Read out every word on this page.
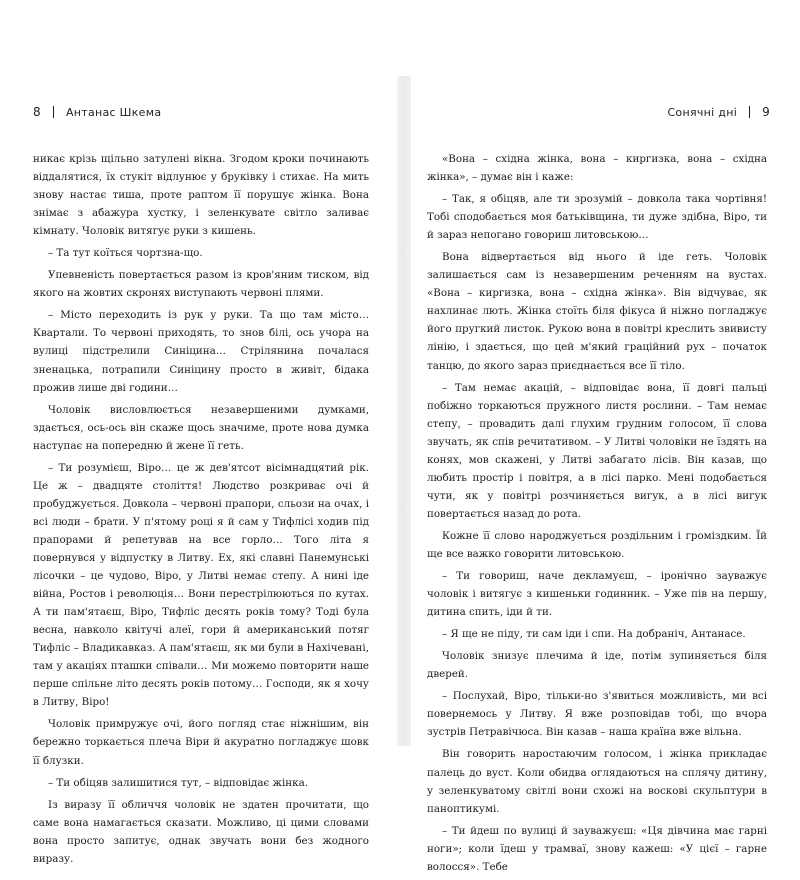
8 Антанас Шкема	Сонячні дні 9

никає крізь щільно затулені вікна. Згодом кроки починають віддалятися, їх стукіт відлунює у бруківку і стихає. На мить знову настає тиша, проте раптом її порушує жінка. Вона знімає з абажура хустку, і зеленкувате світло заливає кімнату. Чоловік витягує руки з кишень.

– Та тут коїться чортзна-що.

Упевненість повертається разом із кров'яним тиском, від якого на жовтих скронях виступають червоні плями.

– Місто переходить із рук у руки. Та що там місто… Квартали. То червоні приходять, то знов білі, ось учора на вулиці підстрелили Синіцина… Стрілянина почалася зненацька, потрапили Синіцину просто в живіт, бідака прожив лише дві години…

Чоловік висловлюється незавершеними думками, здається, ось-ось він скаже щось значиме, проте нова думка наступає на попередню й жене її геть.

– Ти розумієш, Віро… це ж дев'ятсот вісімнадцятий рік. Це ж – двадцяте століття! Людство розкриває очі й пробуджується. Довкола – червоні прапори, сльози на очах, і всі люди – брати. У п'ятому році я й сам у Тифлісі ходив під прапорами й репетував на все горло… Того літа я повернувся у відпустку в Литву. Ех, які славні Панемунські лісочки – це чудово, Віро, у Литві немає степу. А нині іде війна, Ростов і революція… Вони перестрілюються по кутах. А ти пам'ятаєш, Віро, Тифліс десять років тому? Тоді була весна, навколо квітучі алеї, гори й американський потяг Тифліс – Владикавказ. А пам'ятаєш, як ми були в Нахічевані, там у акаціях пташки співали… Ми можемо повторити наше перше спільне літо десять років потому… Господи, як я хочу в Литву, Віро!

Чоловік примружує очі, його погляд стає ніжнішим, він бережно торкається плеча Віри й акуратно погладжує шовк її блузки.

– Ти обіцяв залишитися тут, – відповідає жінка.

Із виразу її обличчя чоловік не здатен прочитати, що саме вона намагається сказати. Можливо, ці цими словами вона просто запитує, однак звучать вони без жодного виразу.

«Вона – східна жінка, вона – киргизка, вона – східна жінка», – думає він і каже:

– Так, я обіцяв, але ти зрозумій – довкола така чортівня! Тобі сподобається моя батьківщина, ти дуже здібна, Віро, ти й зараз непогано говориш литовською…

Вона відвертається від нього й іде геть. Чоловік залишається сам із незавершеним реченням на вустах. «Вона – киргизка, вона – східна жінка». Він відчуває, як нахлинає лють. Жінка стоїть біля фікуса й ніжно погладжує його пругкий листок. Рукою вона в повітрі креслить звивисту лінію, і здається, що цей м'який грацiйний рух – початок танцю, до якого зараз приєднається все її тіло.

– Там немає акацій, – відповідає вона, її довгі пальці побіжно торкаються пружного листя рослини. – Там немає степу, – провадить далі глухим грудним голосом, її слова звучать, як спів речитативом. – У Литві чоловіки не їздять на конях, мов скажені, у Литві забагато лісів. Він казав, що любить простір і повітря, а в лісі парко. Мені подобається чути, як у повітрі розчиняється вигук, а в лісі вигук повертається назад до рота.

Кожне її слово народжується роздільним і громіздким. Їй ще все важко говорити литовською.

– Ти говориш, наче декламуєш, – іронічно зауважує чоловік і витягує з кишеньки годинник. – Уже пів на першу, дитина спить, іди й ти.

– Я ще не піду, ти сам іди і спи. На добраніч, Антанасе.

Чоловік знизує плечима й іде, потім зупиняється біля дверей.

– Послухай, Віро, тільки-но з'явиться можливість, ми всі повернемось у Литву. Я вже розповідав тобі, що вчора зустрів Петравічюса. Він казав – наша країна вже вільна.

Він говорить наростаючим голосом, і жінка прикладає палець до вуст. Коли обидва оглядаються на сплячу дитину, у зеленкуватому світлі вони схожі на воскові скульптури в паноптикумі.

– Ти йдеш по вулиці й зауважуєш: «Ця дівчина має гарні ноги»; коли їдеш у трамваї, знову кажеш: «У цієї – гарне волосся». Тебе
